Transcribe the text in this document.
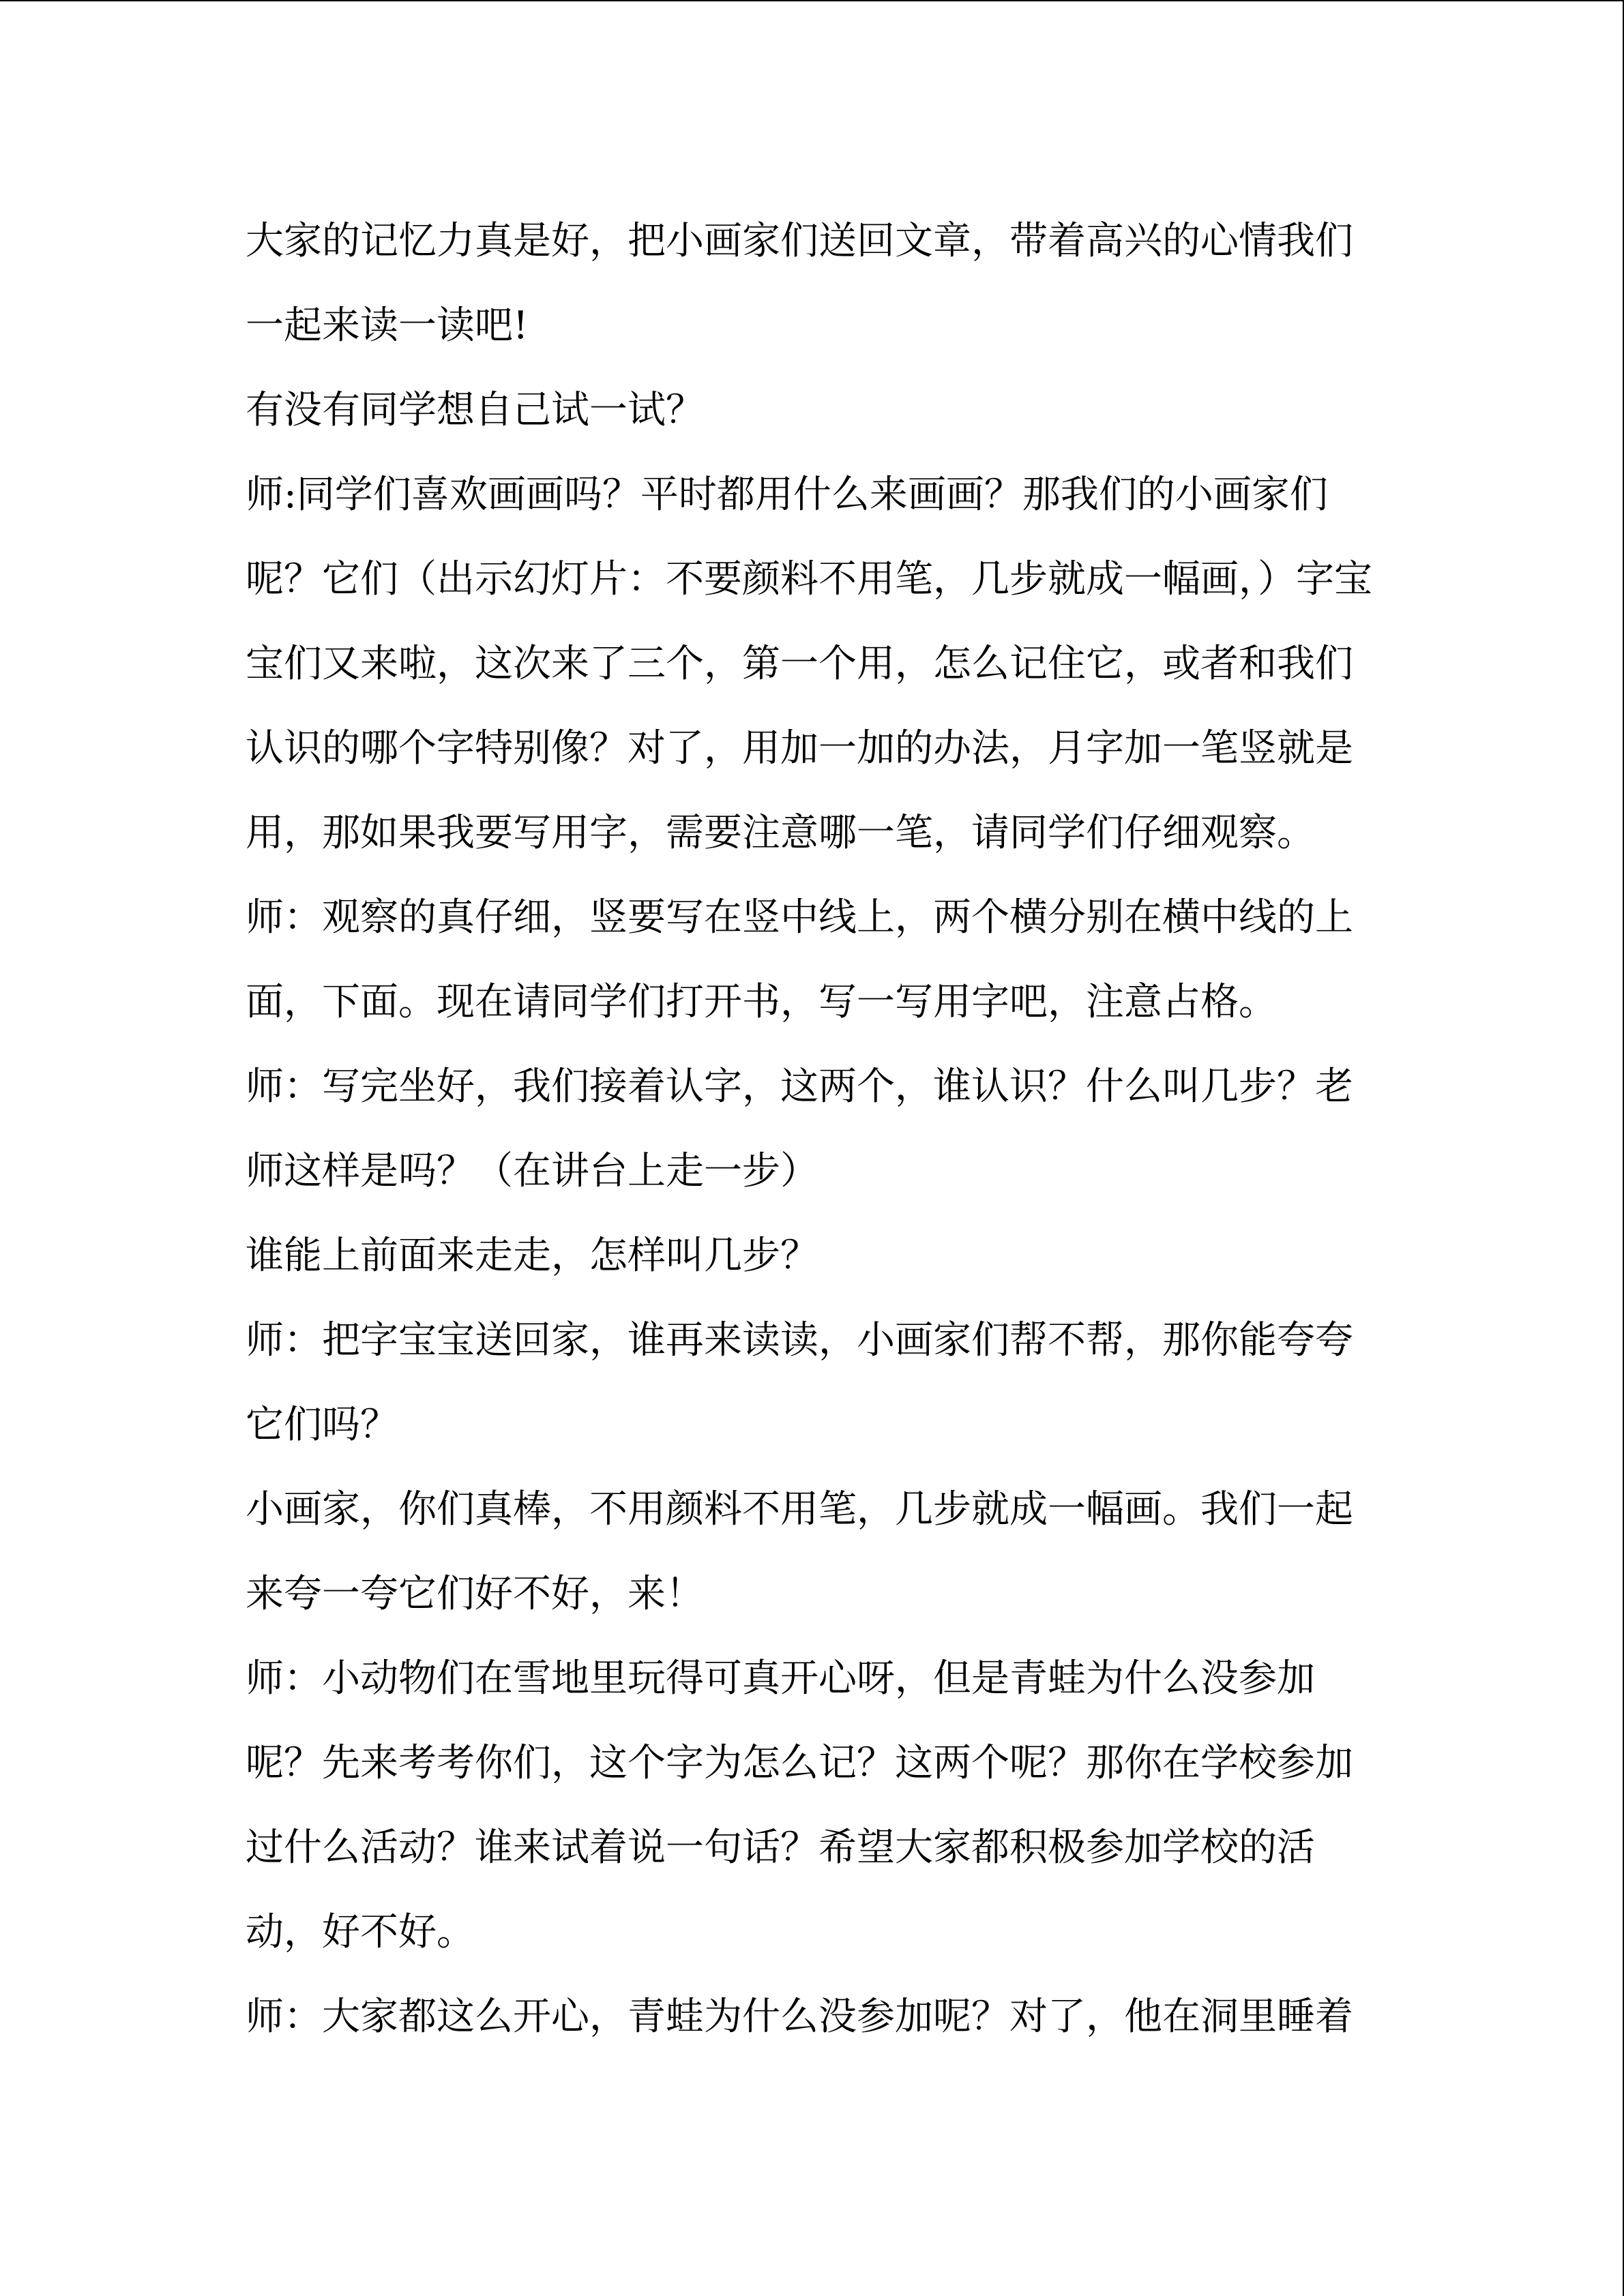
大家的记忆力真是好，把小画家们送回文章，带着高兴的心情我们一起来读一读吧!

有没有同学想自己试一试？

师:同学们喜欢画画吗？平时都用什么来画画？那我们的小画家们呢？它们（出示幻灯片：不要颜料不用笔，几步就成一幅画，）字宝宝们又来啦，这次来了三个，第一个用，怎么记住它，或者和我们认识的哪个字特别像？对了，用加一加的办法，月字加一笔竖就是用，那如果我要写用字，需要注意哪一笔，请同学们仔细观察。

师：观察的真仔细，竖要写在竖中线上，两个横分别在横中线的上面，下面。现在请同学们打开书，写一写用字吧，注意占格。

师：写完坐好，我们接着认字，这两个，谁认识？什么叫几步？老师这样是吗？（在讲台上走一步）

谁能上前面来走走，怎样叫几步？

师：把字宝宝送回家，谁再来读读，小画家们帮不帮，那你能夸夸它们吗？

小画家，你们真棒，不用颜料不用笔，几步就成一幅画。我们一起来夸一夸它们好不好，来！

师：小动物们在雪地里玩得可真开心呀，但是青蛙为什么没参加呢？先来考考你们，这个字为怎么记？这两个呢？那你在学校参加过什么活动？谁来试着说一句话？希望大家都积极参加学校的活动，好不好。

师：大家都这么开心，青蛙为什么没参加呢？对了，他在洞里睡着
